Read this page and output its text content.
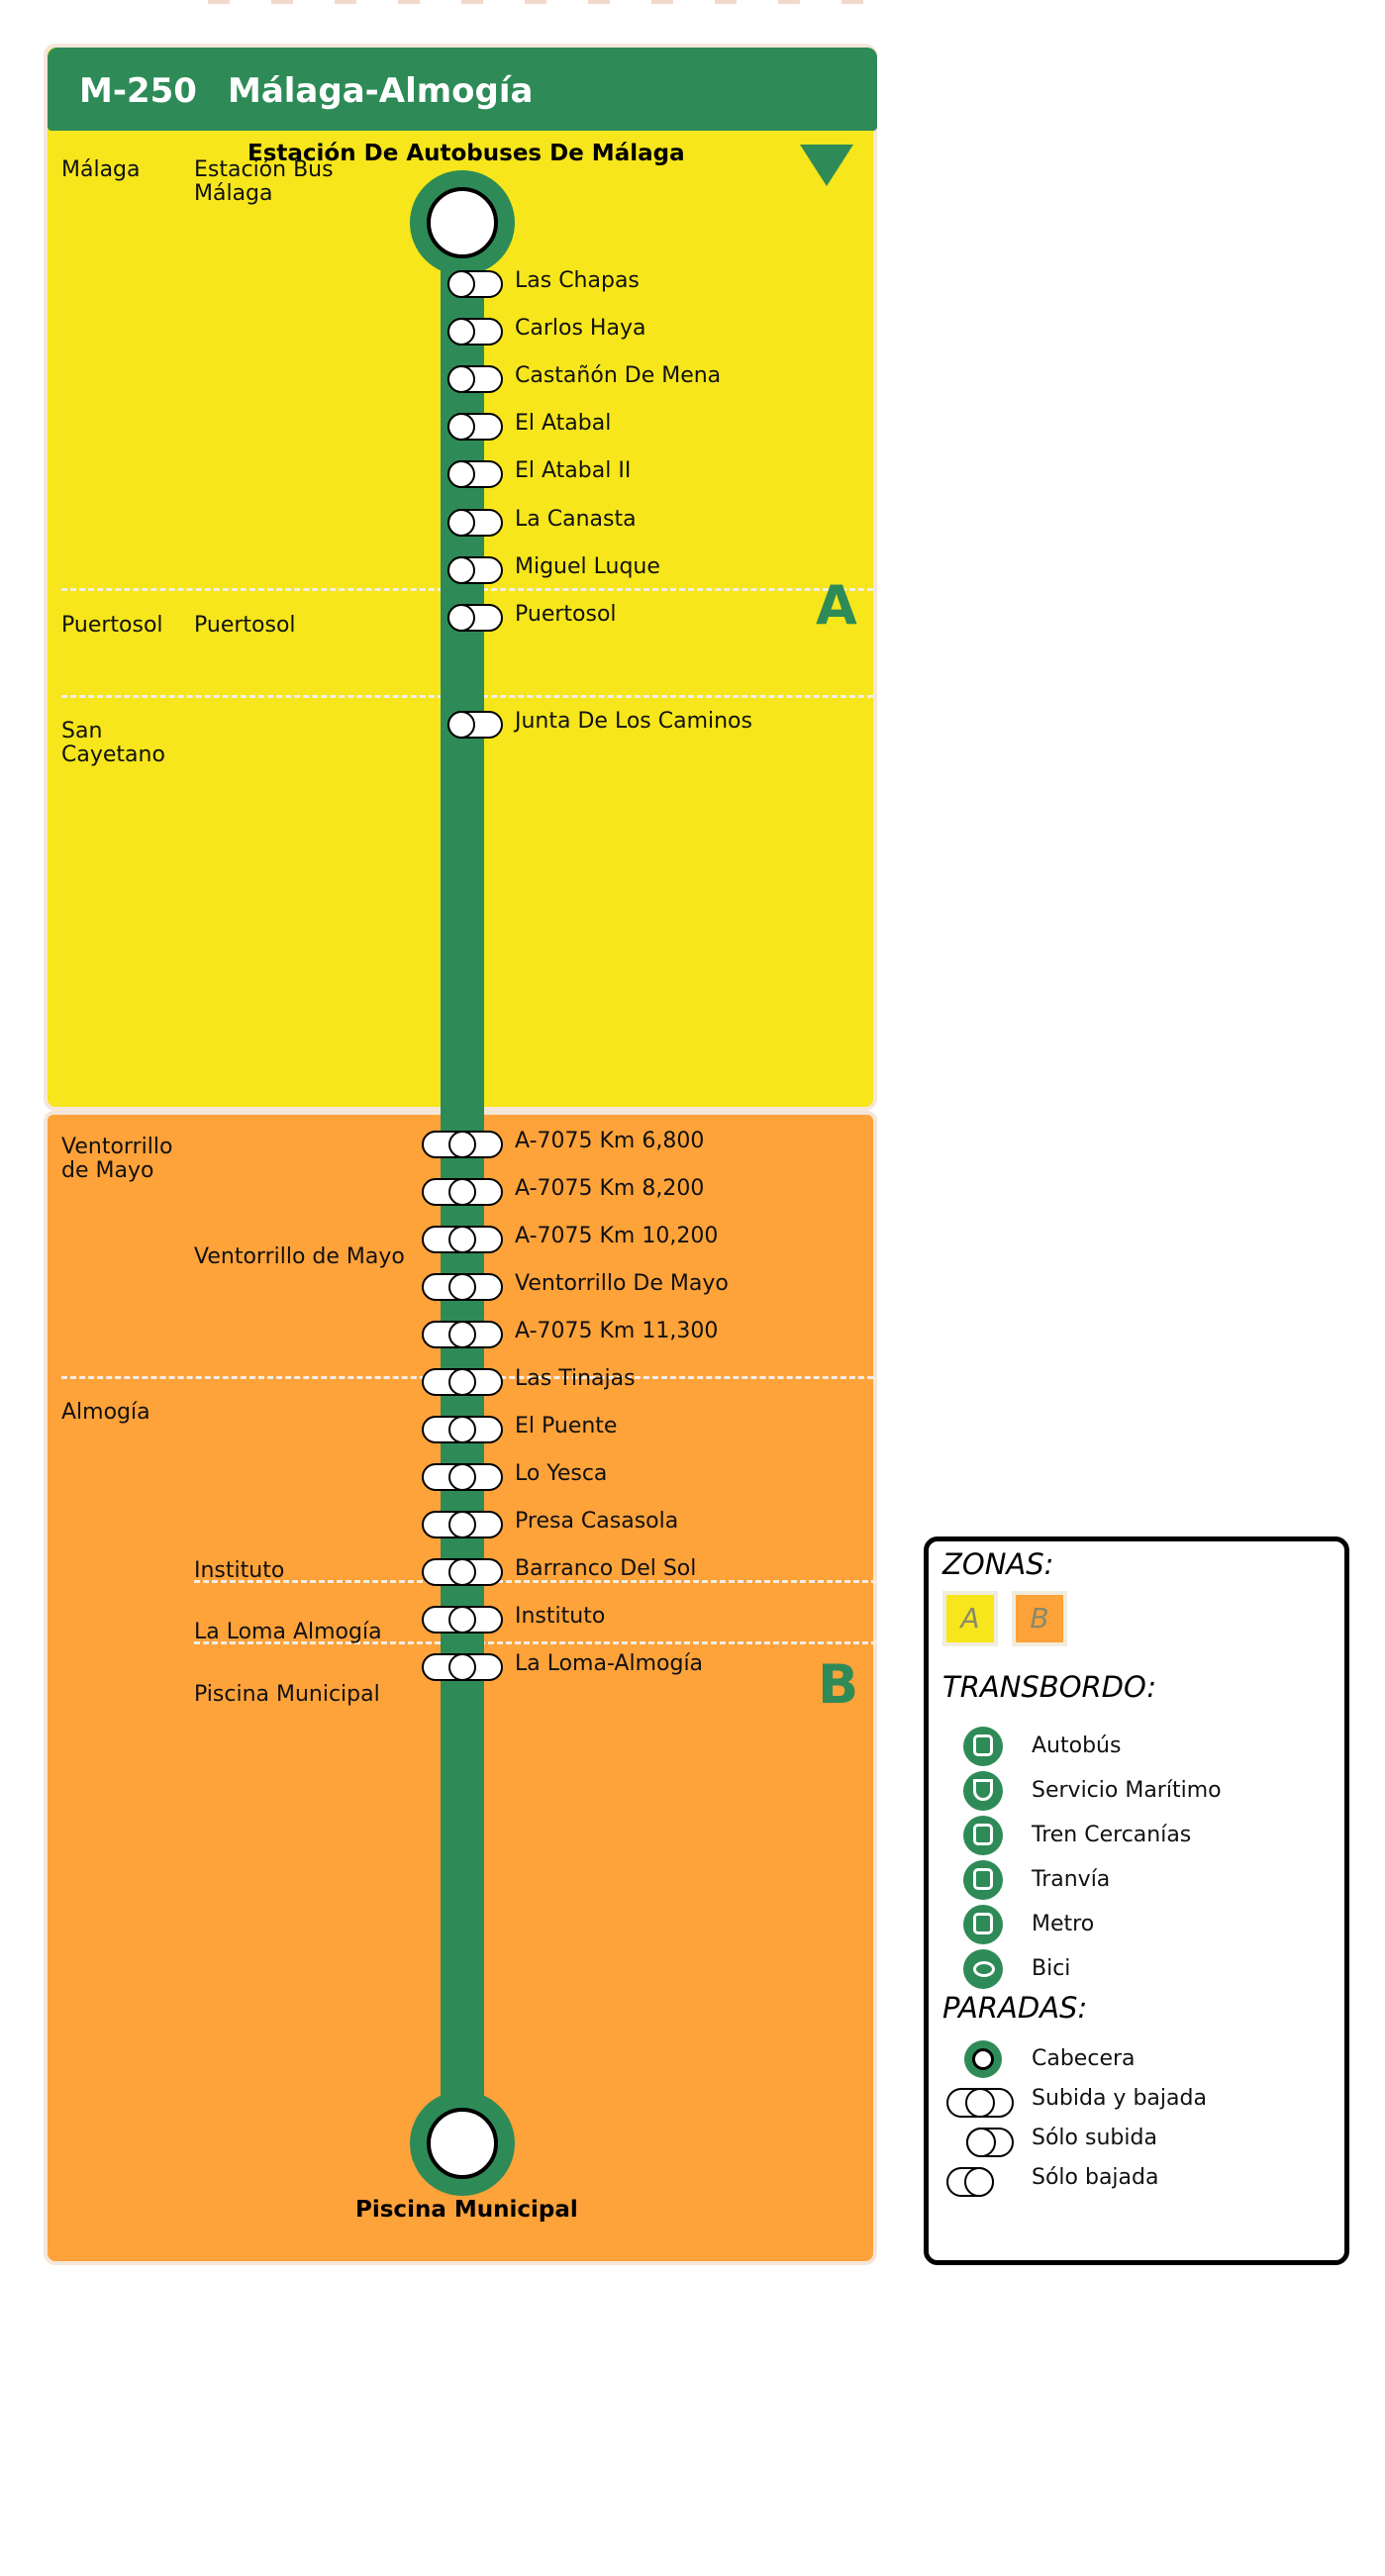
M-250 Málaga-Almogía
A
B
Málaga
Puertosol
San Cayetano
Ventorrillo de Mayo
Almogía
Estación Bus Málaga
Puertosol
Ventorrillo de Mayo
Instituto
La Loma Almogía
Piscina Municipal
Estación De Autobuses De Málaga
Piscina Municipal
Las Chapas
Carlos Haya
Castañón De Mena
El Atabal
El Atabal II
La Canasta
Miguel Luque
Puertosol
Junta De Los Caminos
A-7075 Km 6,800
A-7075 Km 8,200
A-7075 Km 10,200
Ventorrillo De Mayo
A-7075 Km 11,300
Las Tinajas
El Puente
Lo Yesca
Presa Casasola
Barranco Del Sol
Instituto
La Loma-Almogía
ZONAS:
A	B
TRANSBORDO:
Autobús
Servicio Marítimo
Tren Cercanías
Tranvía
Metro
Bici
PARADAS:
Cabecera
Subida y bajada
Sólo subida
Sólo bajada
